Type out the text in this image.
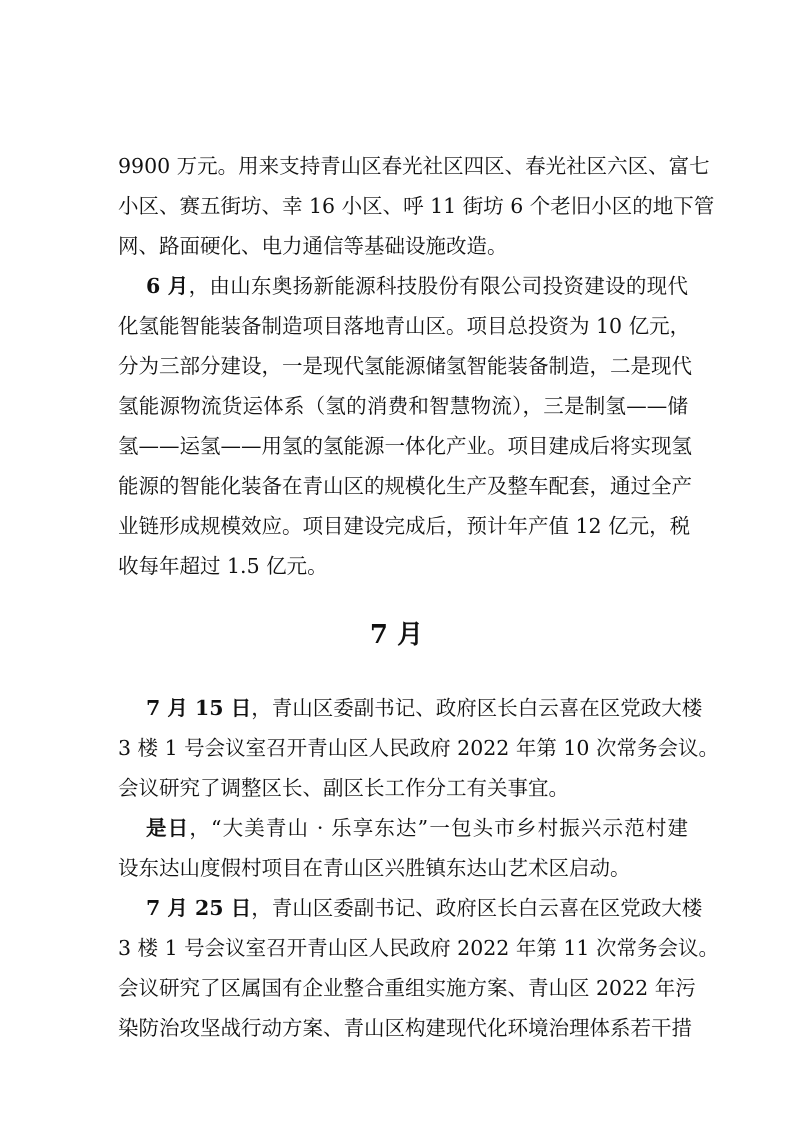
9900 万元。用来支持青山区春光社区四区、春光社区六区、富七
小区、赛五街坊、幸 16 小区、呼 11 街坊 6 个老旧小区的地下管
网、路面硬化、电力通信等基础设施改造。
6 月，由山东奥扬新能源科技股份有限公司投资建设的现代
化氢能智能装备制造项目落地青山区。项目总投资为 10 亿元，
分为三部分建设，一是现代氢能源储氢智能装备制造，二是现代
氢能源物流货运体系（氢的消费和智慧物流），三是制氢——储
氢——运氢——用氢的氢能源一体化产业。项目建成后将实现氢
能源的智能化装备在青山区的规模化生产及整车配套，通过全产
业链形成规模效应。项目建设完成后，预计年产值 12 亿元，税
收每年超过 1.5 亿元。
7 月
7 月 15 日，青山区委副书记、政府区长白云喜在区党政大楼
3 楼 1 号会议室召开青山区人民政府 2022 年第 10 次常务会议。
会议研究了调整区长、副区长工作分工有关事宜。
是日，“大美青山 · 乐享东达”一包头市乡村振兴示范村建
设东达山度假村项目在青山区兴胜镇东达山艺术区启动。
7 月 25 日，青山区委副书记、政府区长白云喜在区党政大楼
3 楼 1 号会议室召开青山区人民政府 2022 年第 11 次常务会议。
会议研究了区属国有企业整合重组实施方案、青山区 2022 年污
染防治攻坚战行动方案、青山区构建现代化环境治理体系若干措
